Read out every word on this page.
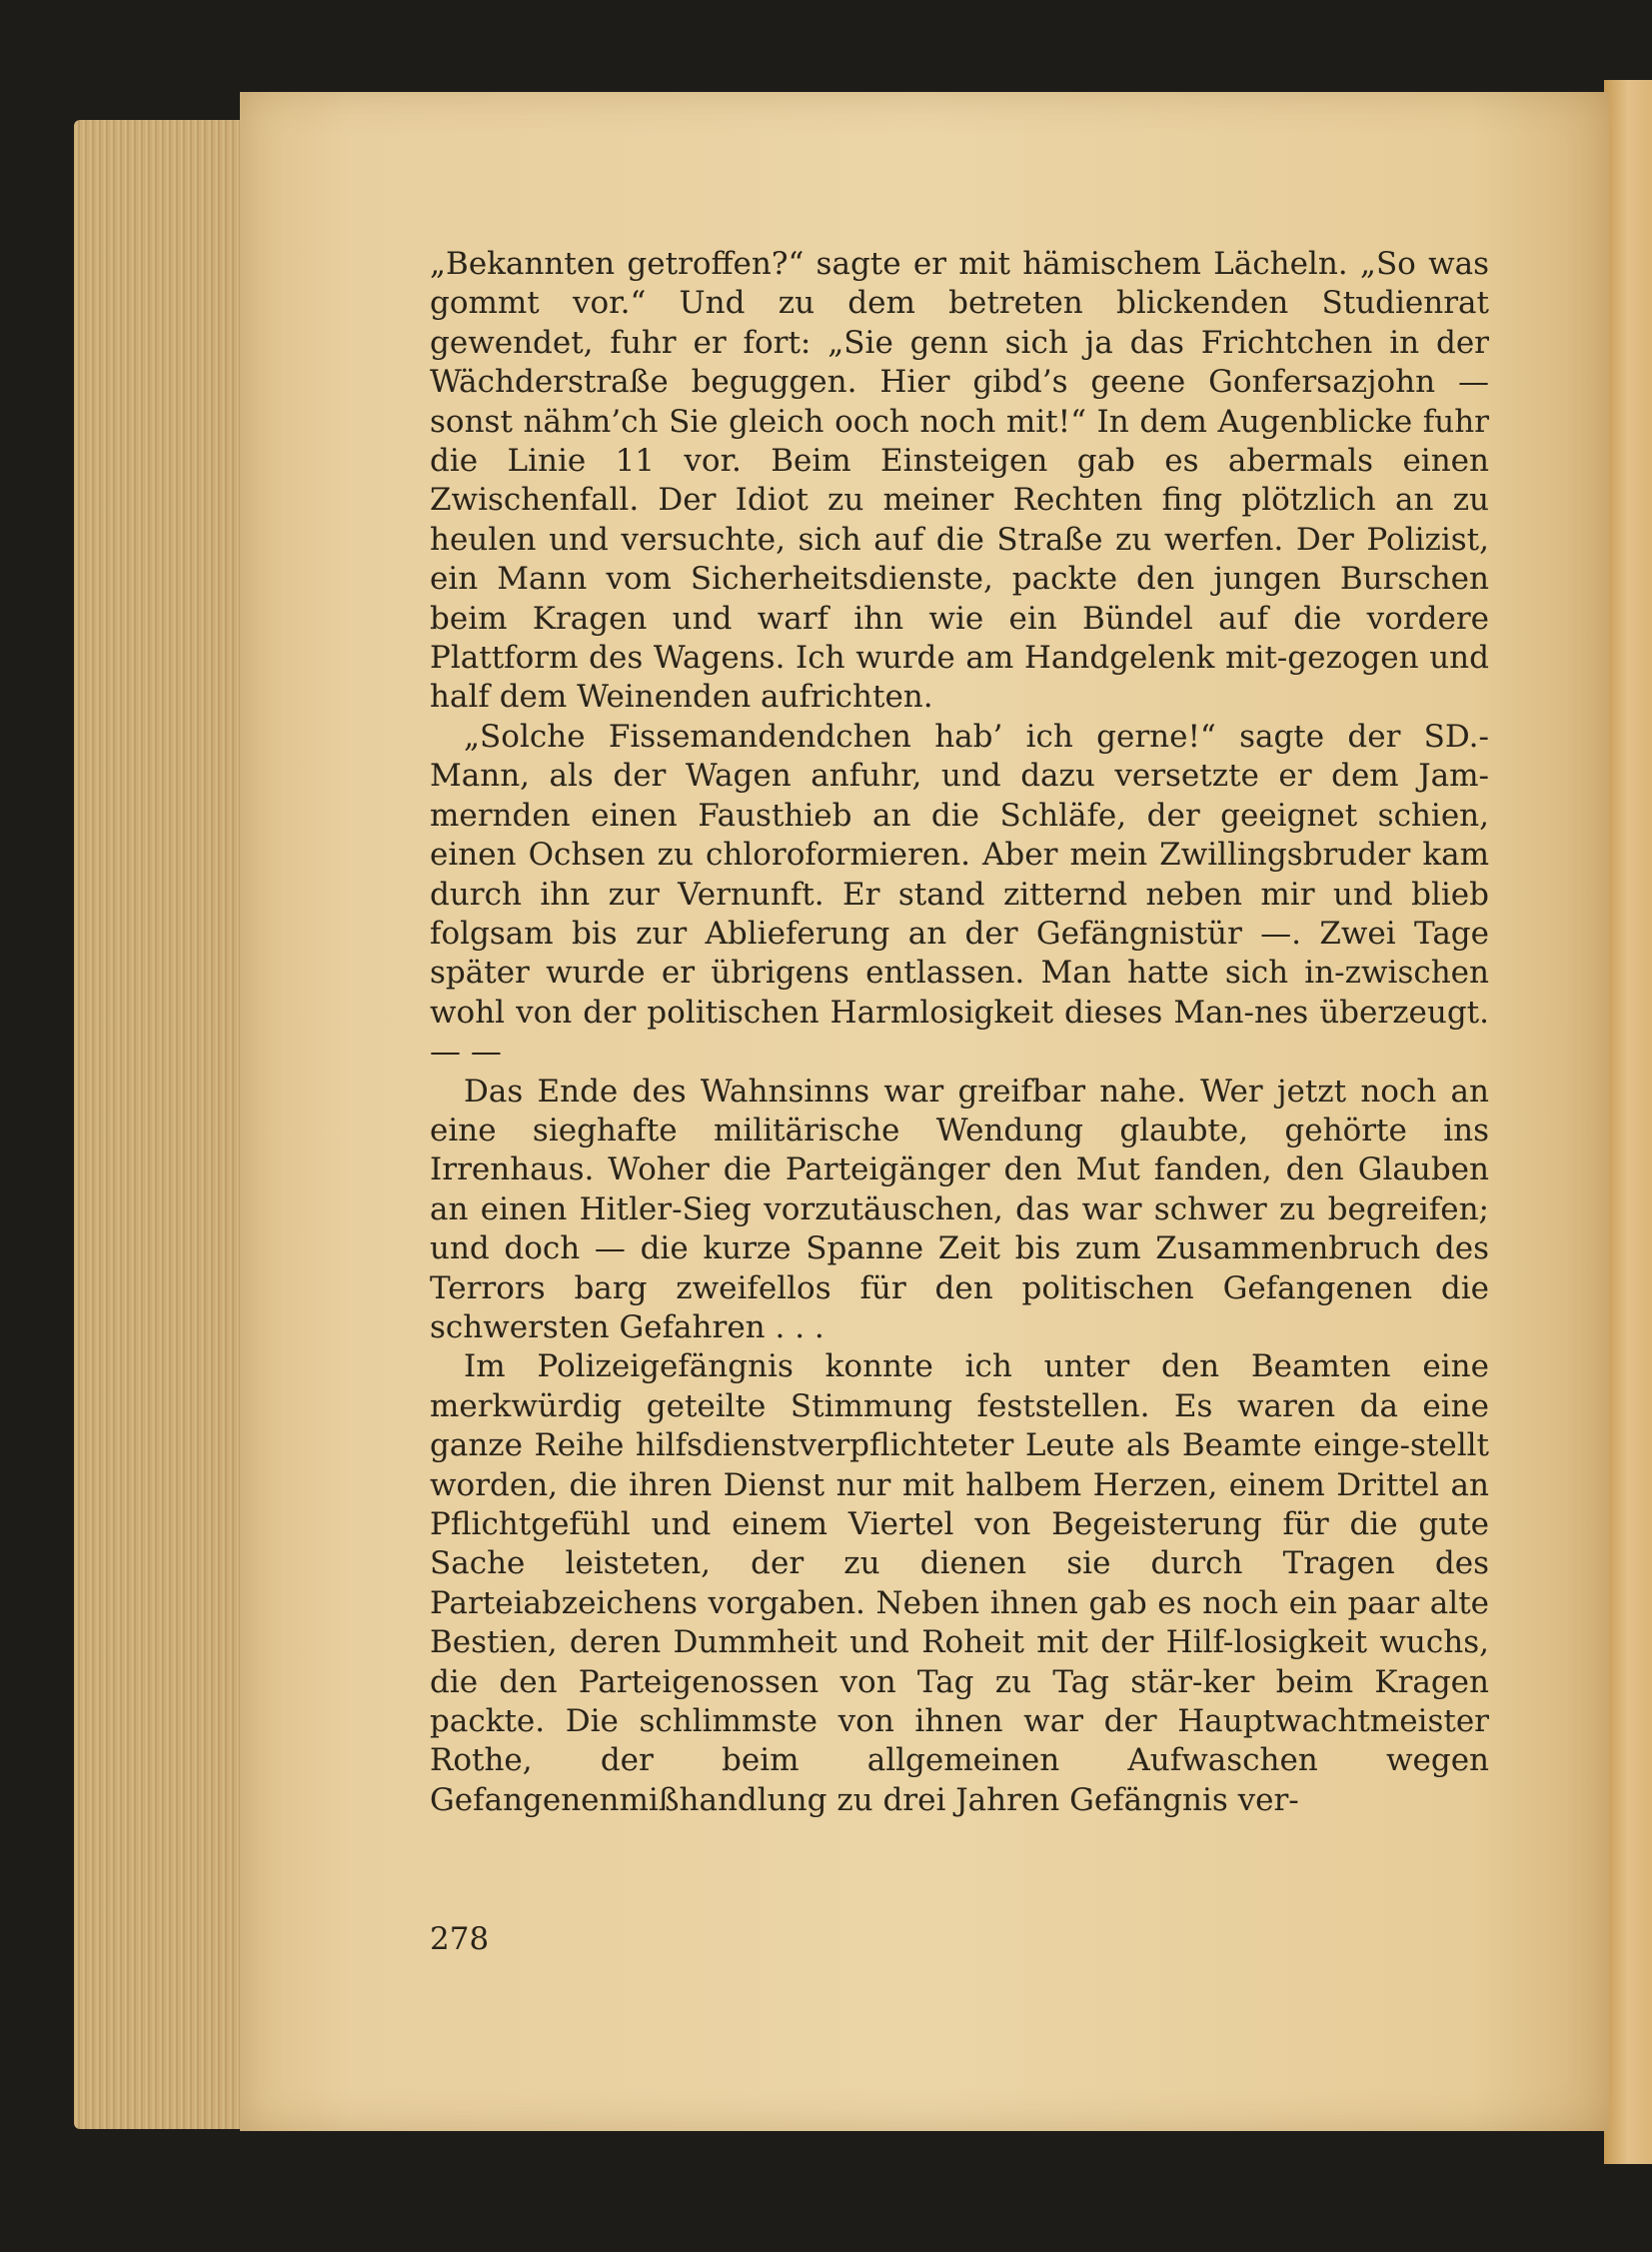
„Bekannten getroffen?“ sagte er mit hämischem Lächeln. „So was gommt vor.“ Und zu dem betreten blickenden Studienrat gewendet, fuhr er fort: „Sie genn sich ja das Frichtchen in der Wächderstraße beguggen. Hier gibd’s geene Gonfersazjohn — sonst nähm’ch Sie gleich ooch noch mit!“ In dem Augenblicke fuhr die Linie 11 vor. Beim Einsteigen gab es abermals einen Zwischenfall. Der Idiot zu meiner Rechten fing plötzlich an zu heulen und versuchte, sich auf die Straße zu werfen. Der Polizist, ein Mann vom Sicherheitsdienste, packte den jungen Burschen beim Kragen und warf ihn wie ein Bündel auf die vordere Plattform des Wagens. Ich wurde am Handgelenk mit-gezogen und half dem Weinenden aufrichten.

„Solche Fissemandendchen hab’ ich gerne!“ sagte der SD.-Mann, als der Wagen anfuhr, und dazu versetzte er dem Jam-mernden einen Fausthieb an die Schläfe, der geeignet schien, einen Ochsen zu chloroformieren. Aber mein Zwillingsbruder kam durch ihn zur Vernunft. Er stand zitternd neben mir und blieb folgsam bis zur Ablieferung an der Gefängnistür —. Zwei Tage später wurde er übrigens entlassen. Man hatte sich in-zwischen wohl von der politischen Harmlosigkeit dieses Man-nes überzeugt. — —

Das Ende des Wahnsinns war greifbar nahe. Wer jetzt noch an eine sieghafte militärische Wendung glaubte, gehörte ins Irrenhaus. Woher die Parteigänger den Mut fanden, den Glauben an einen Hitler-Sieg vorzutäuschen, das war schwer zu begreifen; und doch — die kurze Spanne Zeit bis zum Zusammenbruch des Terrors barg zweifellos für den politischen Gefangenen die schwersten Gefahren . . .

Im Polizeigefängnis konnte ich unter den Beamten eine merkwürdig geteilte Stimmung feststellen. Es waren da eine ganze Reihe hilfsdienstverpflichteter Leute als Beamte einge-stellt worden, die ihren Dienst nur mit halbem Herzen, einem Drittel an Pflichtgefühl und einem Viertel von Begeisterung für die gute Sache leisteten, der zu dienen sie durch Tragen des Parteiabzeichens vorgaben. Neben ihnen gab es noch ein paar alte Bestien, deren Dummheit und Roheit mit der Hilf-losigkeit wuchs, die den Parteigenossen von Tag zu Tag stär-ker beim Kragen packte. Die schlimmste von ihnen war der Hauptwachtmeister Rothe, der beim allgemeinen Aufwaschen wegen Gefangenenmißhandlung zu drei Jahren Gefängnis ver-

278
